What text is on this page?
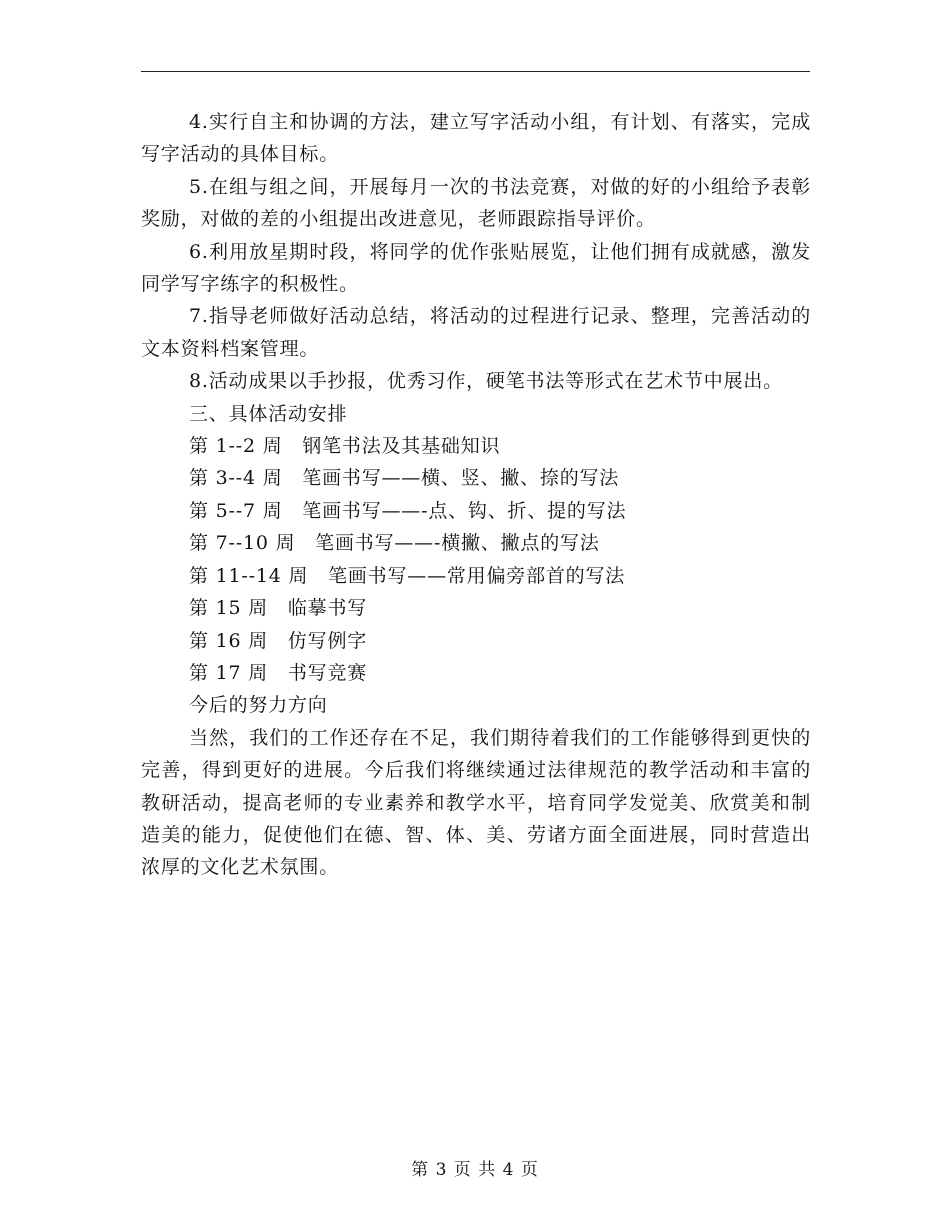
4.实行自主和协调的方法，建立写字活动小组，有计划、有落实，完成写字活动的具体目标。

5.在组与组之间，开展每月一次的书法竞赛，对做的好的小组给予表彰奖励，对做的差的小组提出改进意见，老师跟踪指导评价。

6.利用放星期时段，将同学的优作张贴展览，让他们拥有成就感，激发同学写字练字的积极性。

7.指导老师做好活动总结，将活动的过程进行记录、整理，完善活动的文本资料档案管理。

8.活动成果以手抄报，优秀习作，硬笔书法等形式在艺术节中展出。

三、具体活动安排

第 1--2 周　钢笔书法及其基础知识

第 3--4 周　笔画书写——横、竖、撇、捺的写法

第 5--7 周　笔画书写——-点、钩、折、提的写法

第 7--10 周　笔画书写——-横撇、撇点的写法

第 11--14 周　笔画书写——常用偏旁部首的写法

第 15 周　临摹书写

第 16 周　仿写例字

第 17 周　书写竞赛

今后的努力方向

当然，我们的工作还存在不足，我们期待着我们的工作能够得到更快的完善，得到更好的进展。今后我们将继续通过法律规范的教学活动和丰富的教研活动，提高老师的专业素养和教学水平，培育同学发觉美、欣赏美和制造美的能力，促使他们在德、智、体、美、劳诸方面全面进展，同时营造出浓厚的文化艺术氛围。

第 3 页 共 4 页
